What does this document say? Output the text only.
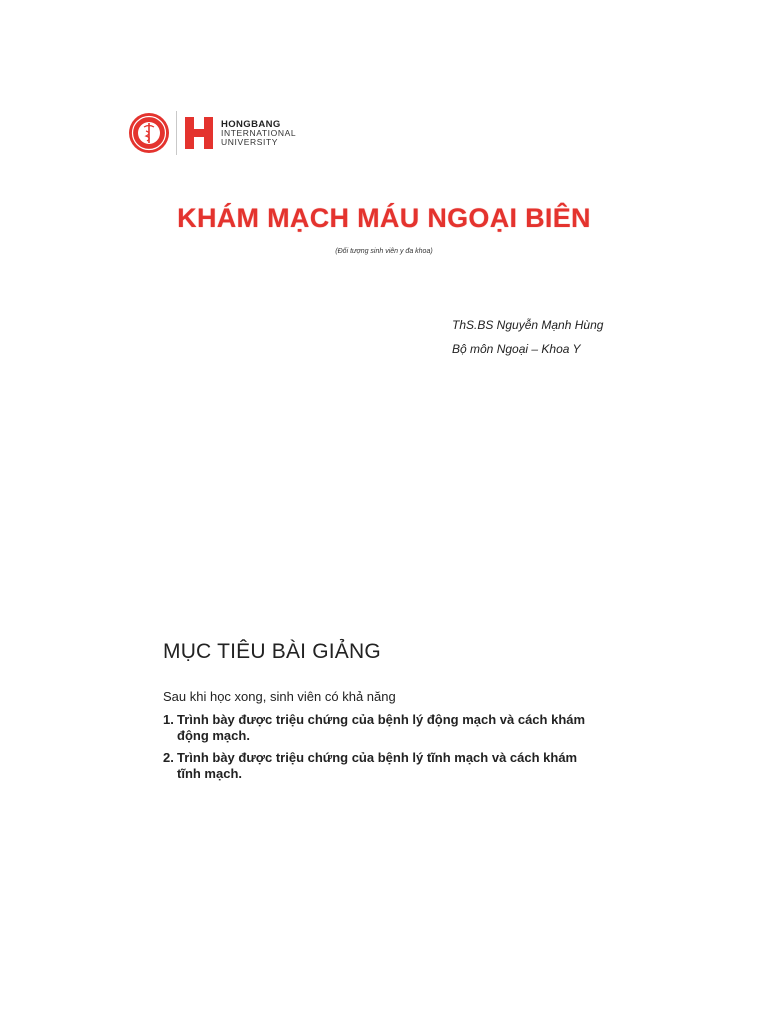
HONGBANG
INTERNATIONAL
UNIVERSITY
KHÁM MẠCH MÁU NGOẠI BIÊN
(Đối tượng sinh viên y đa khoa)
ThS.BS Nguyễn Mạnh Hùng
Bộ môn Ngoại – Khoa Y
MỤC TIÊU BÀI GIẢNG
Sau khi học xong, sinh viên có khả năng
1. Trình bày được triệu chứng của bệnh lý động mạch và cách khám động mạch.
2. Trình bày được triệu chứng của bệnh lý tĩnh mạch và cách khám tĩnh mạch.
